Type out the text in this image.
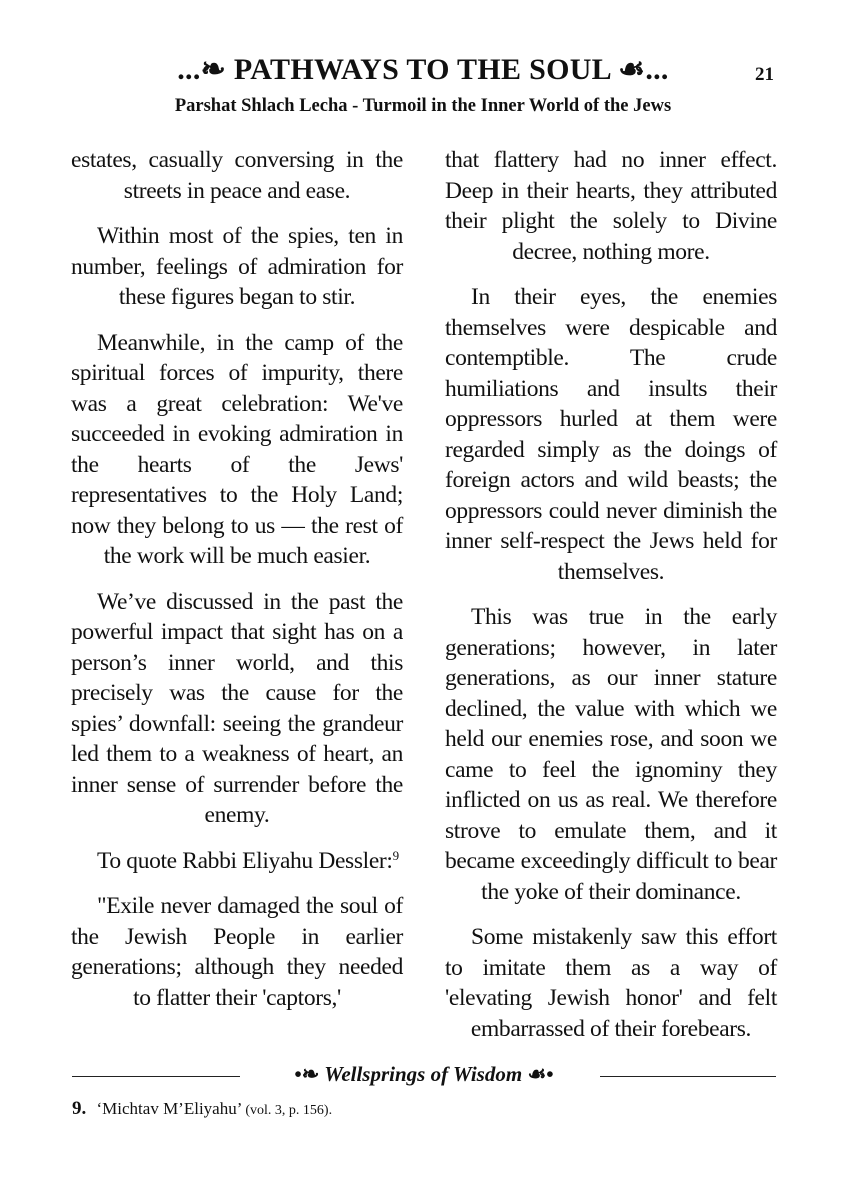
...❧ PATHWAYS TO THE SOUL ☙...	21
Parshat Shlach Lecha - Turmoil in the Inner World of the Jews

estates, casually conversing in the streets in peace and ease.

Within most of the spies, ten in number, feelings of admiration for these figures began to stir.

Meanwhile, in the camp of the spiritual forces of impurity, there was a great celebration: We've succeeded in evoking admiration in the hearts of the Jews' representatives to the Holy Land; now they belong to us — the rest of the work will be much easier.

We’ve discussed in the past the powerful impact that sight has on a person’s inner world, and this precisely was the cause for the spies’ downfall: seeing the grandeur led them to a weakness of heart, an inner sense of surrender before the enemy.

To quote Rabbi Eliyahu Dessler:$^9$

"Exile never damaged the soul of the Jewish People in earlier generations; although they needed to flatter their 'captors,'

that flattery had no inner effect. Deep in their hearts, they attributed their plight the solely to Divine decree, nothing more.

In their eyes, the enemies themselves were despicable and contemptible. The crude humiliations and insults their oppressors hurled at them were regarded simply as the doings of foreign actors and wild beasts; the oppressors could never diminish the inner self-respect the Jews held for themselves.

This was true in the early generations; however, in later generations, as our inner stature declined, the value with which we held our enemies rose, and soon we came to feel the ignominy they inflicted on us as real. We therefore strove to emulate them, and it became exceedingly difficult to bear the yoke of their dominance.

Some mistakenly saw this effort to imitate them as a way of 'elevating Jewish honor' and felt embarrassed of their forebears.

•❧ Wellsprings of Wisdom ☙•
9. ‘Michtav M’Eliyahu’ (vol. 3, p. 156).
